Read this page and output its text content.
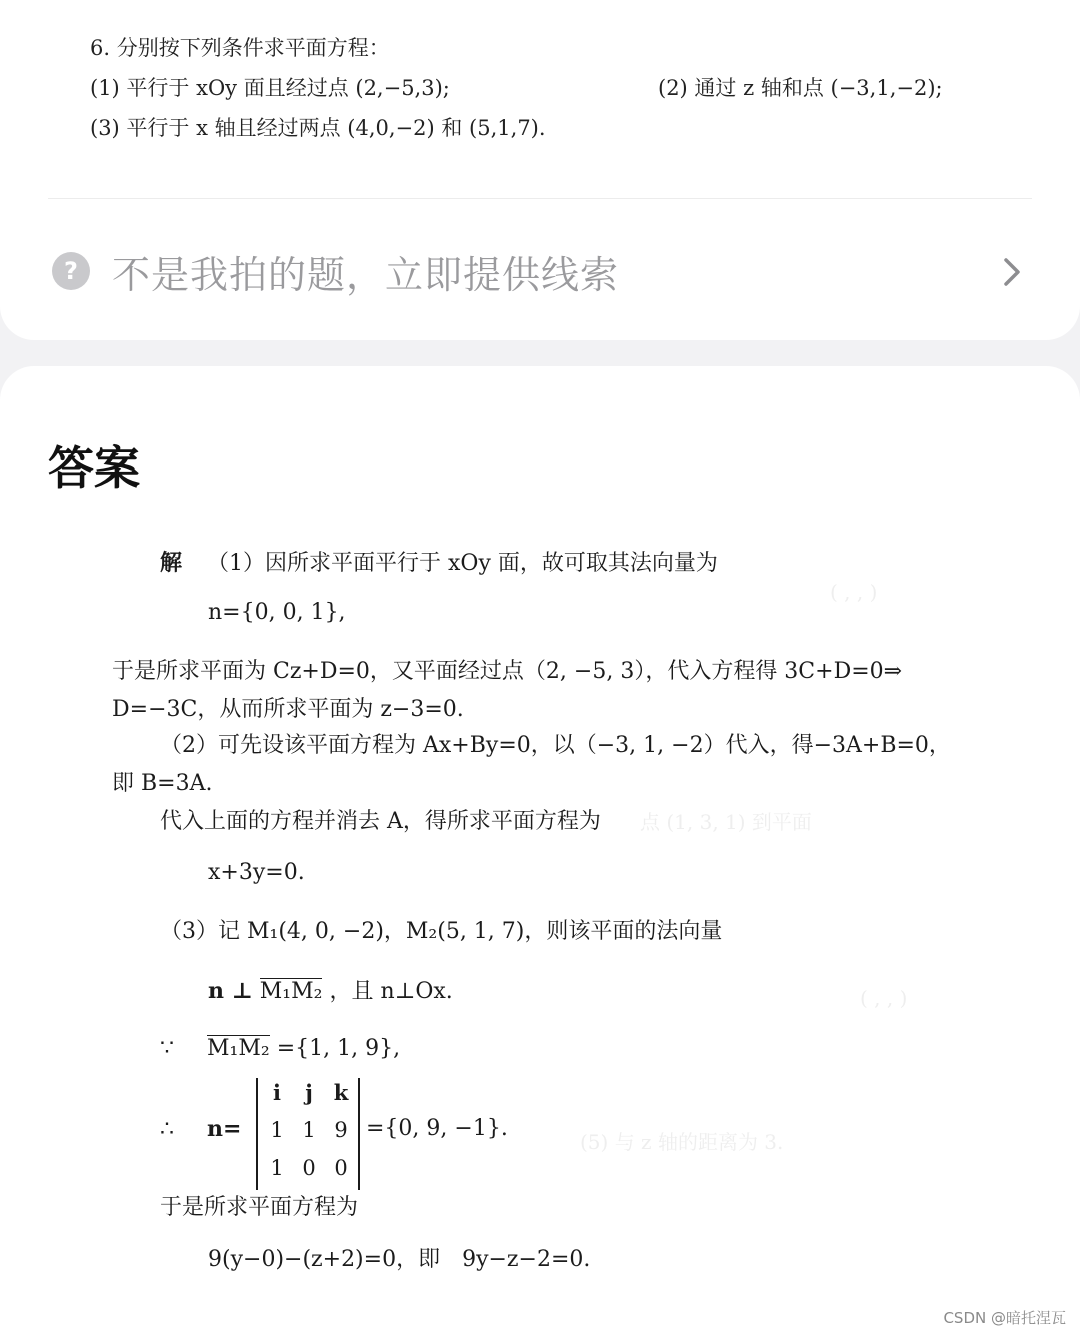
6. 分别按下列条件求平面方程：
(1) 平行于 xOy 面且经过点 (2,−5,3);	(2) 通过 z 轴和点 (−3,1,−2);
(3) 平行于 x 轴且经过两点 (4,0,−2) 和 (5,1,7).
? 不是我拍的题，立即提供线索
答案
( , , )
点 (1, 3, 1) 到平面
( , , )
(5) 与 z 轴的距离为 3.
解 （1）因所求平面平行于 xOy 面，故可取其法向量为
n={0, 0, 1},
于是所求平面为 Cz+D=0，又平面经过点（2, −5, 3），代入方程得 3C+D=0⇒
D=−3C，从而所求平面为 z−3=0.
（2）可先设该平面方程为 Ax+By=0，以（−3, 1, −2）代入，得−3A+B=0，
即 B=3A.
代入上面的方程并消去 A，得所求平面方程为
x+3y=0.
（3）记 M₁(4, 0, −2)，M₂(5, 1, 7)，则该平面的法向量
n ⊥ M₁M₂ ，且 n⊥Ox.
∵ M₁M₂ ={1, 1, 9},
∴ n=
i	j k
1 1 9
1 0 0
={0, 9, −1}.
于是所求平面方程为
9(y−0)−(z+2)=0，即　9y−z−2=0.
CSDN @暗托涅瓦
